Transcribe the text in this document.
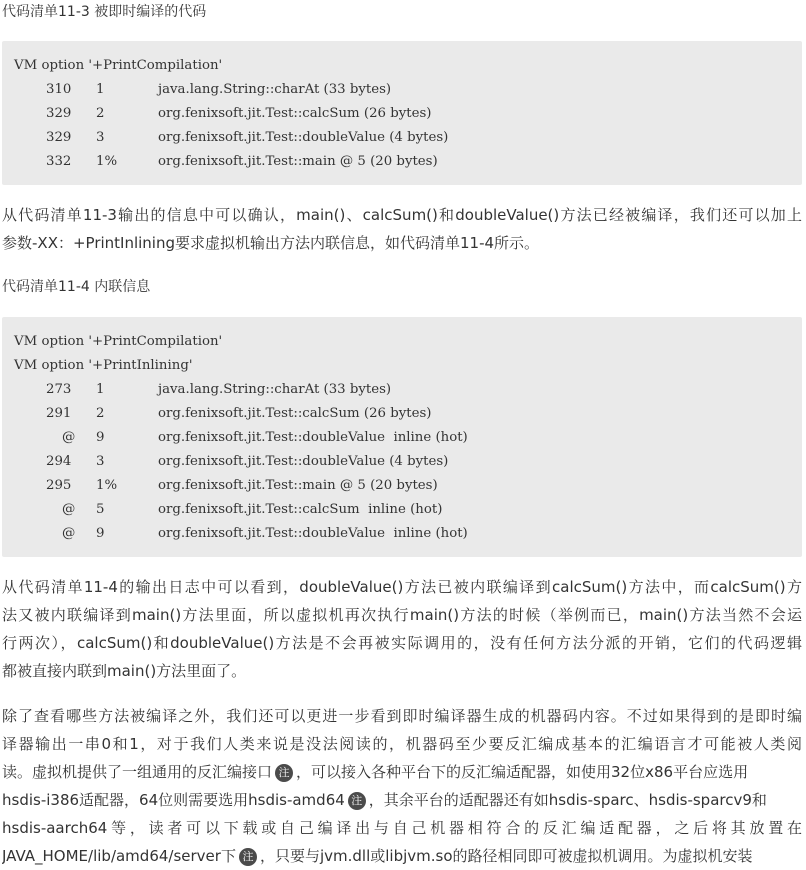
代码清单11-3 被即时编译的代码
VM option '+PrintCompilation'

310 1	java.lang.String::charAt (33 bytes)

329 2	org.fenixsoft.jit.Test::calcSum (26 bytes)

329 3	org.fenixsoft.jit.Test::doubleValue (4 bytes)

332 1%	org.fenixsoft.jit.Test::main @ 5 (20 bytes)

从代码清单11-3输出的信息中可以确认，main()、calcSum()和doubleValue()方法已经被编译，我们还可以加上
参数-XX：+PrintInlining要求虚拟机输出方法内联信息，如代码清单11-4所示。
代码清单11-4 内联信息
VM option '+PrintCompilation'
VM option '+PrintInlining'

273 1	java.lang.String::charAt (33 bytes)

291 2	org.fenixsoft.jit.Test::calcSum (26 bytes)

@ 9	org.fenixsoft.jit.Test::doubleValue  inline (hot)

294 3	org.fenixsoft.jit.Test::doubleValue (4 bytes)

295 1%	org.fenixsoft.jit.Test::main @ 5 (20 bytes)

@ 5	org.fenixsoft.jit.Test::calcSum  inline (hot)

@ 9	org.fenixsoft.jit.Test::doubleValue  inline (hot)

从代码清单11-4的输出日志中可以看到，doubleValue()方法已被内联编译到calcSum()方法中，而calcSum()方
法又被内联编译到main()方法里面，所以虚拟机再次执行main()方法的时候（举例而已，main()方法当然不会运
行两次），calcSum()和doubleValue()方法是不会再被实际调用的，没有任何方法分派的开销，它们的代码逻辑
都被直接内联到main()方法里面了。
除了查看哪些方法被编译之外，我们还可以更进一步看到即时编译器生成的机器码内容。不过如果得到的是即时编
译器输出一串0和1，对于我们人类来说是没法阅读的，机器码至少要反汇编成基本的汇编语言才可能被人类阅
读。虚拟机提供了一组通用的反汇编接口 注 ，可以接入各种平台下的反汇编适配器，如使用32位x86平台应选用
hsdis-i386适配器，64位则需要选用hsdis-amd64 注 ，其余平台的适配器还有如hsdis-sparc、hsdis-sparcv9和
hsdis-aarch64等，读者可以下载或自己编译出与自己机器相符合的反汇编适配器，之后将其放置在
JAVA_HOME/lib/amd64/server下 注 ，只要与jvm.dll或libjvm.so的路径相同即可被虚拟机调用。为虚拟机安装
